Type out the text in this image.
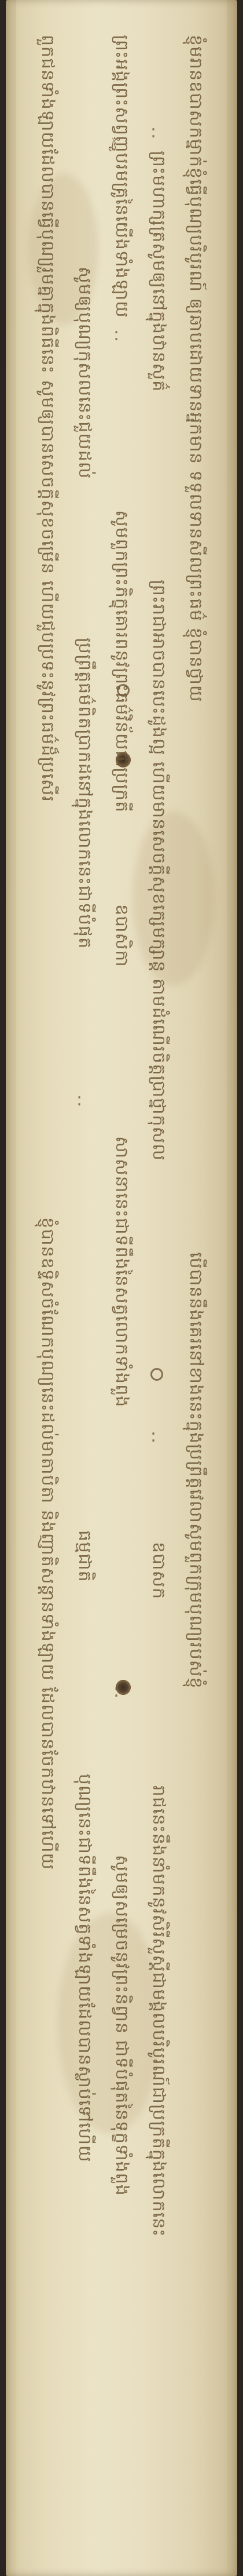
ខ្ញុំមរានឧបាសកម្នាក់ខ្ញុំធ្វើបុណ្យបរិបូរណ៍ ឲ្យឆាបដោយទានអ្នកមាន ទទួលទានសីលព្រះធម៌ ខ្ញុំបានថ្វាយ
បើបាននឹងគេរនៅខាងនេះក្នុងប្រព្រឹត្តវេលាសូមពួកក្រុមបុណ្យរបស់ខ្ញុំ
ព្រះមហាក្សត្រសូមឲ្យនៅក្នុងឋានសួគ៌
ព្រះរាជាអាចបានបេះដូងល្អ ហើយមានសេចក្តីសុខក្សេមក្សាន្ត តាមដំណើរចិត្តប្រាថ្នាកុសល
ឧបាសក
រាជនេះនឹងនាំមកនូវសិរីសួស្តីជាមង្គលបរិបូរណ៍ជាប្រក្រតីក្នុងលោកនេះ
ព្រះអង្គព្រះសព្វញ្ញូបរមគ្រូនៃយើងទាំងឡាយ
សូមពួកព្រះភិក្ខុគោរពនូវព្រះធម៌វិន័យជាប្រក្រតី
ឧបាសិកា
សាសនានេះជាទីពឹងនៃសត្វលោកទាំងពួង
សូមឲ្យសម្រេចនូវព្រះនិព្វាន ជាទីបំផុតនៃទុក្ខទាំងពួង
សូមឲ្យបុណ្យកុសលនេះជួយដល់
ប្រព្រឹត្តធម៌ពិតប្រាកដនៅក្នុងលោកនេះជាទីបំផុត
ធម្មជាតិ
បុណ្យនេះជាទីពឹងនៃសត្វទាំងឡាយដែលបានស្លាប់ទៅហើយ
ពួកជនទាំងឡាយដែលបានធ្វើបុណ្យរួមគ្នាក្នុងពិធីនេះ សូមឲ្យបានសេចក្តីសុខចម្រើន ហើយជួបប្រទះនូវព្រះធម៌ដ៏ប្រសើរ
ខ្ញុំបានឧទ្ទិសចំណែកបុណ្យនេះដល់មាតាបិតា និងញាតិសន្តានទាំងឡាយ ដែលបានចែកឋានទៅហើយ
:
:
:
:
:
